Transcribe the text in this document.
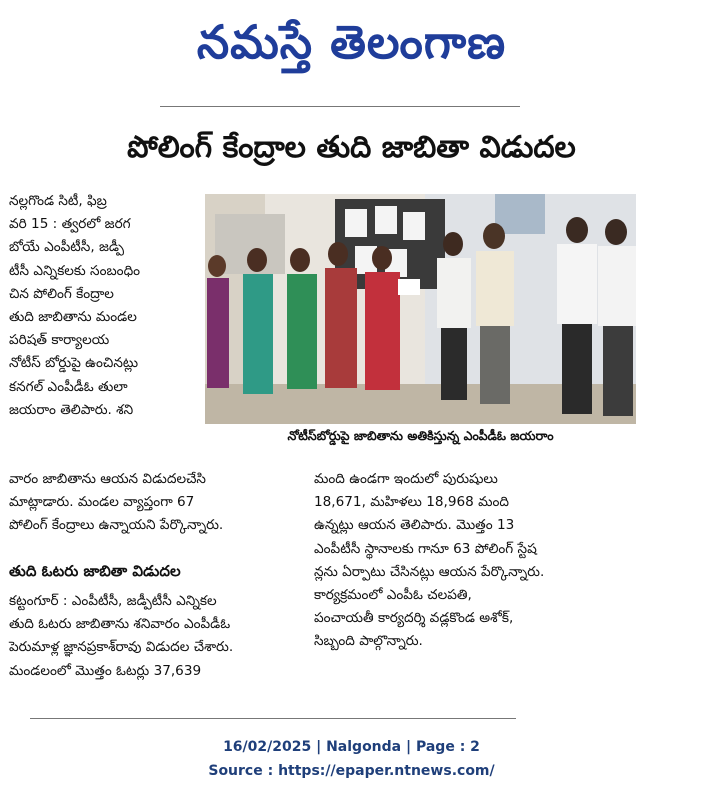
నమస్తే తెలంగాణ
పోలింగ్ కేంద్రాల తుది జాబితా విడుదల
నల్లగొండ సిటీ, ఫిబ్ర
వరి 15 : త్వరలో జరగ
బోయే ఎంపీటీసీ, జడ్పీ
టీసీ ఎన్నికలకు సంబంధిం
చిన పోలింగ్ కేంద్రాల
తుది జాబితాను మండల
పరిషత్ కార్యాలయ
నోటీస్ బోర్డుపై ఉంచినట్లు
కనగల్ ఎంపీడీఓ తులా
జయరాం తెలిపారు. శని
నోటీస్‌బోర్డుపై జాబితాను అతికిస్తున్న ఎంపీడీఓ జయరాం
వారం జాబితాను ఆయన విడుదలచేసి
మాట్లాడారు. మండల వ్యాప్తంగా 67
పోలింగ్ కేంద్రాలు ఉన్నాయని పేర్కొన్నారు.
తుది ఓటరు జాబితా విడుదల
కట్టంగూర్ : ఎంపీటీసీ, జడ్పీటీసీ ఎన్నికల
తుది ఓటరు జాబితాను శనివారం ఎంపీడీఓ
పెరుమాళ్ల జ్ఞానప్రకాశ్‌రావు విడుదల చేశారు.
మండలంలో మొత్తం ఓటర్లు 37,639
మంది ఉండగా ఇందులో పురుషులు
18,671, మహిళలు 18,968 మంది
ఉన్నట్లు ఆయన తెలిపారు. మొత్తం 13
ఎంపీటీసీ స్థానాలకు గానూ 63 పోలింగ్ స్టేష
న్లను ఏర్పాటు చేసినట్లు ఆయన పేర్కొన్నారు.
కార్యక్రమంలో ఎంపీఓ చలపతి,
పంచాయతీ కార్యదర్శి వడ్లకొండ అశోక్,
సిబ్బంది పాల్గొన్నారు.
16/02/2025 | Nalgonda | Page : 2
Source : https://epaper.ntnews.com/
